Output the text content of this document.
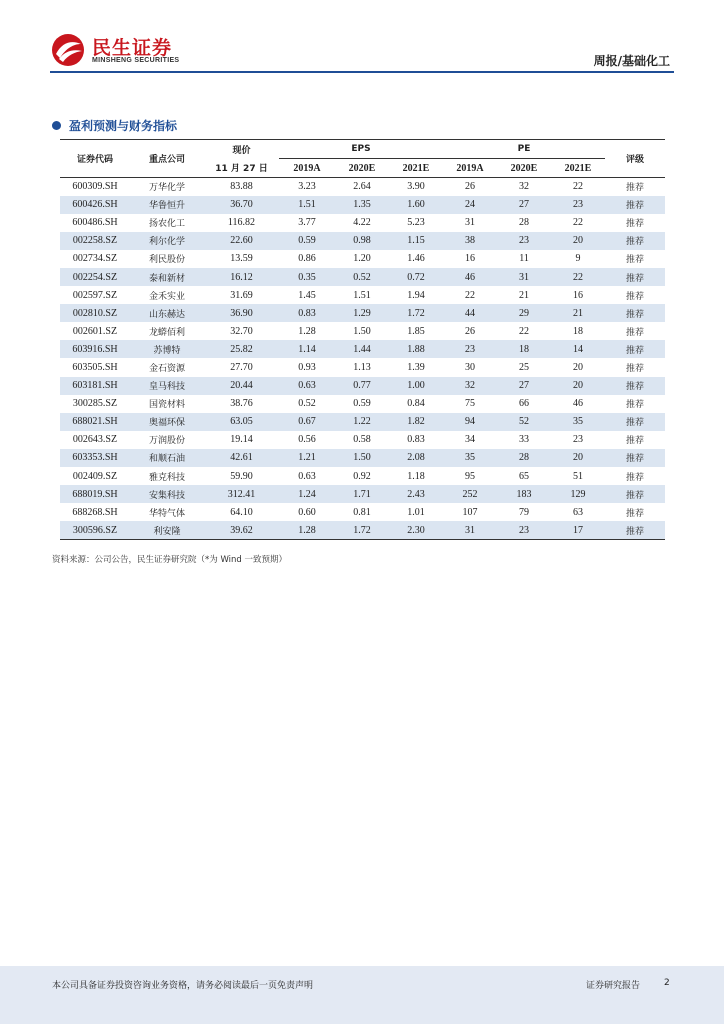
民生证券
MINSHENG SECURITIES	周报/基础化工
盈利预测与财务指标
证券代码	重点公司	现价	EPS			PE			评级
		11 月 27 日	2019A	2020E	2021E	2019A	2020E	2021E	
600309.SH	万华化学	83.88	3.23	2.64	3.90	26	32	22	推荐
600426.SH	华鲁恒升	36.70	1.51	1.35	1.60	24	27	23	推荐
600486.SH	扬农化工	116.82	3.77	4.22	5.23	31	28	22	推荐
002258.SZ	利尔化学	22.60	0.59	0.98	1.15	38	23	20	推荐
002734.SZ	利民股份	13.59	0.86	1.20	1.46	16	11	9	推荐
002254.SZ	泰和新材	16.12	0.35	0.52	0.72	46	31	22	推荐
002597.SZ	金禾实业	31.69	1.45	1.51	1.94	22	21	16	推荐
002810.SZ	山东赫达	36.90	0.83	1.29	1.72	44	29	21	推荐
002601.SZ	龙蟒佰利	32.70	1.28	1.50	1.85	26	22	18	推荐
603916.SH	苏博特	25.82	1.14	1.44	1.88	23	18	14	推荐
603505.SH	金石资源	27.70	0.93	1.13	1.39	30	25	20	推荐
603181.SH	皇马科技	20.44	0.63	0.77	1.00	32	27	20	推荐
300285.SZ	国瓷材料	38.76	0.52	0.59	0.84	75	66	46	推荐
688021.SH	奥福环保	63.05	0.67	1.22	1.82	94	52	35	推荐
002643.SZ	万润股份	19.14	0.56	0.58	0.83	34	33	23	推荐
603353.SH	和顺石油	42.61	1.21	1.50	2.08	35	28	20	推荐
002409.SZ	雅克科技	59.90	0.63	0.92	1.18	95	65	51	推荐
688019.SH	安集科技	312.41	1.24	1.71	2.43	252	183	129	推荐
688268.SH	华特气体	64.10	0.60	0.81	1.01	107	79	63	推荐
300596.SZ	利安隆	39.62	1.28	1.72	2.30	31	23	17	推荐
资料来源：公司公告，民生证券研究院（*为 Wind 一致预期）
本公司具备证券投资咨询业务资格，请务必阅读最后一页免责声明	证券研究报告	2
